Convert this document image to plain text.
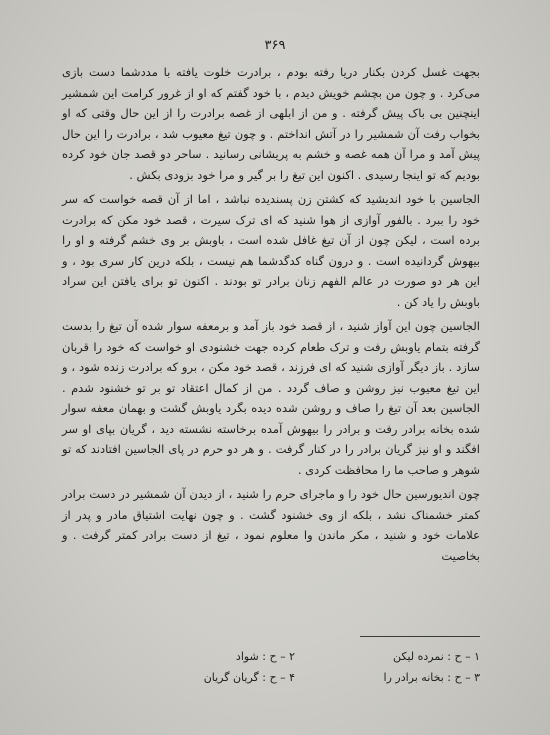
۳۶۹

بجهت غسل کردن بکنار دریا رفته بودم ، برادرت خلوت یافته با مددشما دست بازی می‌کرد . و چون من بچشم خویش دیدم ، با خود گفتم که او از غرور کرامت این شمشیر اینچنین بی باک پیش گرفته . و من از ابلهی از غصه برادرت را از این حال وقتی که او بخواب رفت آن شمشیر را در آتش انداختم . و چون تیغ معیوب شد ، برادرت را این حال پیش آمد و مرا آن همه غصه و خشم به پریشانی رسانید . ساحر دو قصد جان خود کرده بودیم که تو اینجا رسیدی . اکنون این تیغ را بر گیر و مرا خود بزودی بکش .

الجاسین با خود اندیشید که کشتن زن پسندیده نباشد ، اما از آن قصه خواست که سر خود را ببرد . بالفور آوازی از هوا شنید که ای ترک سیرت ، قصد خود مکن که برادرت برده است ، لیکن چون از آن تیغ غافل شده است ، باوبش بر وی خشم گرفته و او را بیهوش گردانیده است . و درون گناه کدگدشما هم نیست ، بلکه درین کار سری بود ، و این هر دو صورت در عالم الفهم زنان برادر تو بودند . اکنون تو برای یافتن این سراد باوبش را یاد کن .

الجاسین چون این آواز شنید ، از قصد خود باز آمد و برمعفه سوار شده آن تیغ را بدست گرفته بتمام یاوبش رفت و ترک طعام کرده جهت خشنودی او خواست که خود را قربان سازد . باز دیگر آوازی شنید که ای فرزند ، قصد خود مکن ، برو که برادرت زنده شود ، و این تیغ معیوب نیز روشن و صاف گردد . من از کمال اعتقاد تو بر تو خشنود شدم . الجاسین بعد آن تیغ را صاف و روشن شده دیده بگرد یاوبش گشت و بهمان معفه سوار شده بخانه برادر رفت و برادر را بیهوش آمده برخاسته نشسته دید ، گریان بپای او سر افگند و او نیز گریان برادر را در کنار گرفت . و هر دو حرم در پای الجاسین افتادند که تو شوهر و صاحب ما را محافظت کردی .

چون اندیورسین حال خود را و ماجرای حرم را شنید ، از دیدن آن شمشیر در دست برادر کمتر خشمناک نشد ، بلکه از وی خشنود گشت . و چون نهایت اشتیاق مادر و پدر از علامات خود و شنید ، مکر ماندن وا معلوم نمود ، تیغ از دست برادر کمتر گرفت . و بخاصیت

۱ – ح : نمرده لیکن
۲ – ح : شواد
۳ – ح : بخانه برادر را
۴ – ح : گریان گریان
